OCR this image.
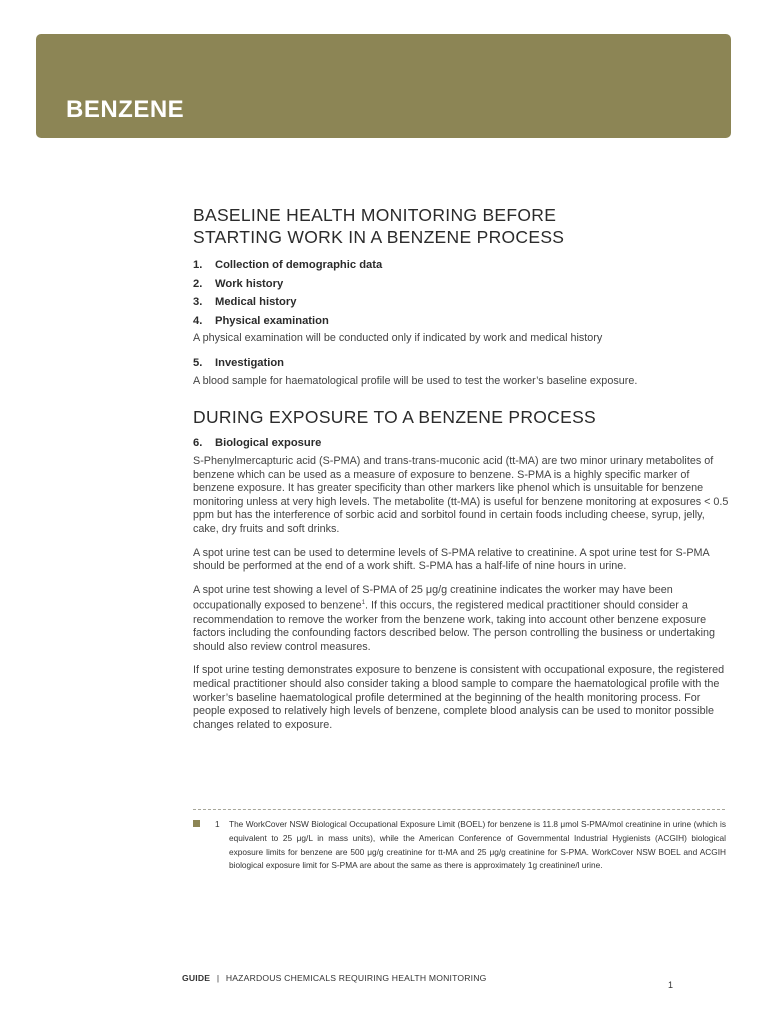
BENZENE
BASELINE HEALTH MONITORING BEFORE
STARTING WORK IN A BENZENE PROCESS
1.	Collection of demographic data
2.	Work history
3.	Medical history
4.	Physical examination
A physical examination will be conducted only if indicated by work and medical history
5.	Investigation
A blood sample for haematological profile will be used to test the worker’s baseline exposure.
DURING EXPOSURE TO A BENZENE PROCESS
6.	Biological exposure

S-Phenylmercapturic acid (S-PMA) and trans-trans-muconic acid (tt-MA) are two minor urinary metabolites of benzene which can be used as a measure of exposure to benzene. S-PMA is a highly specific marker of benzene exposure. It has greater specificity than other markers like phenol which is unsuitable for benzene monitoring unless at very high levels. The metabolite (tt-MA) is useful for benzene monitoring at exposures < 0.5 ppm but has the interference of sorbic acid and sorbitol found in certain foods including cheese, syrup, jelly, cake, dry fruits and soft drinks.

A spot urine test can be used to determine levels of S-PMA relative to creatinine. A spot urine test for S-PMA should be performed at the end of a work shift. S-PMA has a half-life of nine hours in urine.

A spot urine test showing a level of S-PMA of 25 μg/g creatinine indicates the worker may have been occupationally exposed to benzene$^1$. If this occurs, the registered medical practitioner should consider a recommendation to remove the worker from the benzene work, taking into account other benzene exposure factors including the confounding factors described below. The person controlling the business or undertaking should also review control measures.

If spot urine testing demonstrates exposure to benzene is consistent with occupational exposure, the registered medical practitioner should also consider taking a blood sample to compare the haematological profile with the worker’s baseline haematological profile determined at the beginning of the health monitoring process. For people exposed to relatively high levels of benzene, complete blood analysis can be used to monitor possible changes related to exposure.

1	The WorkCover NSW Biological Occupational Exposure Limit (BOEL) for benzene is 11.8 μmol S-PMA/mol creatinine in urine (which is equivalent to 25 μg/L in mass units), while the American Conference of Governmental Industrial Hygienists (ACGIH) biological exposure limits for benzene are 500 μg/g creatinine for tt-MA and 25 μg/g creatinine for S-PMA. WorkCover NSW BOEL and ACGIH biological exposure limit for S-PMA are about the same as there is approximately 1g creatinine/l urine.
GUIDE | HAZARDOUS CHEMICALS REQUIRING HEALTH MONITORING
1
